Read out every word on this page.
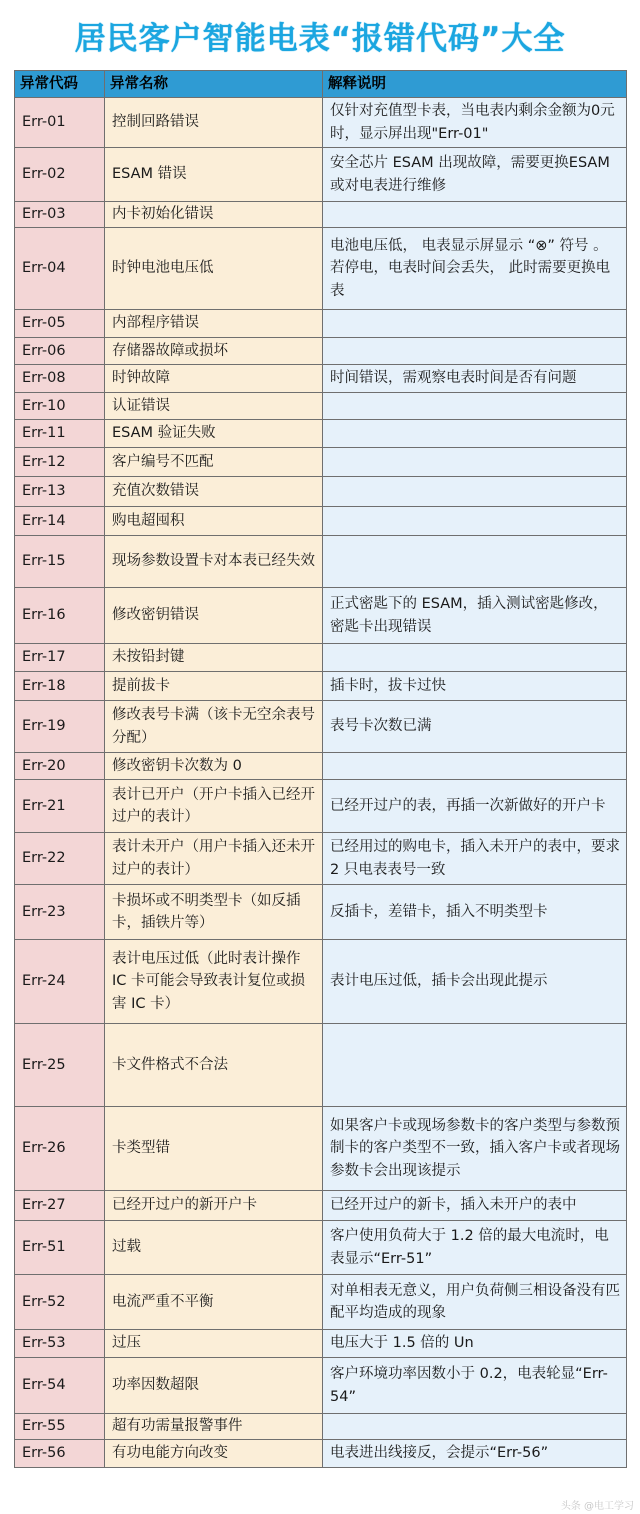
居民客户智能电表“报错代码”大全
异常代码	异常名称	解释说明
Err-01	控制回路错误	仅针对充值型卡表，当电表内剩余金额为0元时，显示屏出现"Err-01"
Err-02	ESAM 错误	安全芯片 ESAM 出现故障，需要更换ESAM 或对电表进行维修
Err-03	内卡初始化错误	
Err-04	时钟电池电压低	电池电压低， 电表显示屏显示 “⊗” 符号 。若停电，电表时间会丢失， 此时需要更换电表
Err-05	内部程序错误	
Err-06	存储器故障或损坏	
Err-08	时钟故障	时间错误，需观察电表时间是否有问题
Err-10	认证错误	
Err-11	ESAM 验证失败	
Err-12	客户编号不匹配	
Err-13	充值次数错误	
Err-14	购电超囤积	
Err-15	现场参数设置卡对本表已经失效	
Err-16	修改密钥错误	正式密匙下的 ESAM，插入测试密匙修改，密匙卡出现错误
Err-17	未按铅封键	
Err-18	提前拔卡	插卡时，拔卡过快
Err-19	修改表号卡满（该卡无空余表号分配）	表号卡次数已满
Err-20	修改密钥卡次数为 0	
Err-21	表计已开户（开户卡插入已经开过户的表计）	已经开过户的表，再插一次新做好的开户卡
Err-22	表计未开户（用户卡插入还未开过户的表计）	已经用过的购电卡，插入未开户的表中，要求 2 只电表表号一致
Err-23	卡损坏或不明类型卡（如反插卡，插铁片等）	反插卡，差错卡，插入不明类型卡
Err-24	表计电压过低（此时表计操作 IC 卡可能会导致表计复位或损害 IC 卡）	表计电压过低，插卡会出现此提示
Err-25	卡文件格式不合法	
Err-26	卡类型错	如果客户卡或现场参数卡的客户类型与参数预制卡的客户类型不一致，插入客户卡或者现场参数卡会出现该提示
Err-27	已经开过户的新开户卡	已经开过户的新卡，插入未开户的表中
Err-51	过载	客户使用负荷大于 1.2 倍的最大电流时，电表显示“Err-51”
Err-52	电流严重不平衡	对单相表无意义，用户负荷侧三相设备没有匹配平均造成的现象
Err-53	过压	电压大于 1.5 倍的 Un
Err-54	功率因数超限	客户环境功率因数小于 0.2，电表轮显“Err-54”
Err-55	超有功需量报警事件	
Err-56	有功电能方向改变	电表进出线接反，会提示“Err-56”
头条 @电工学习
